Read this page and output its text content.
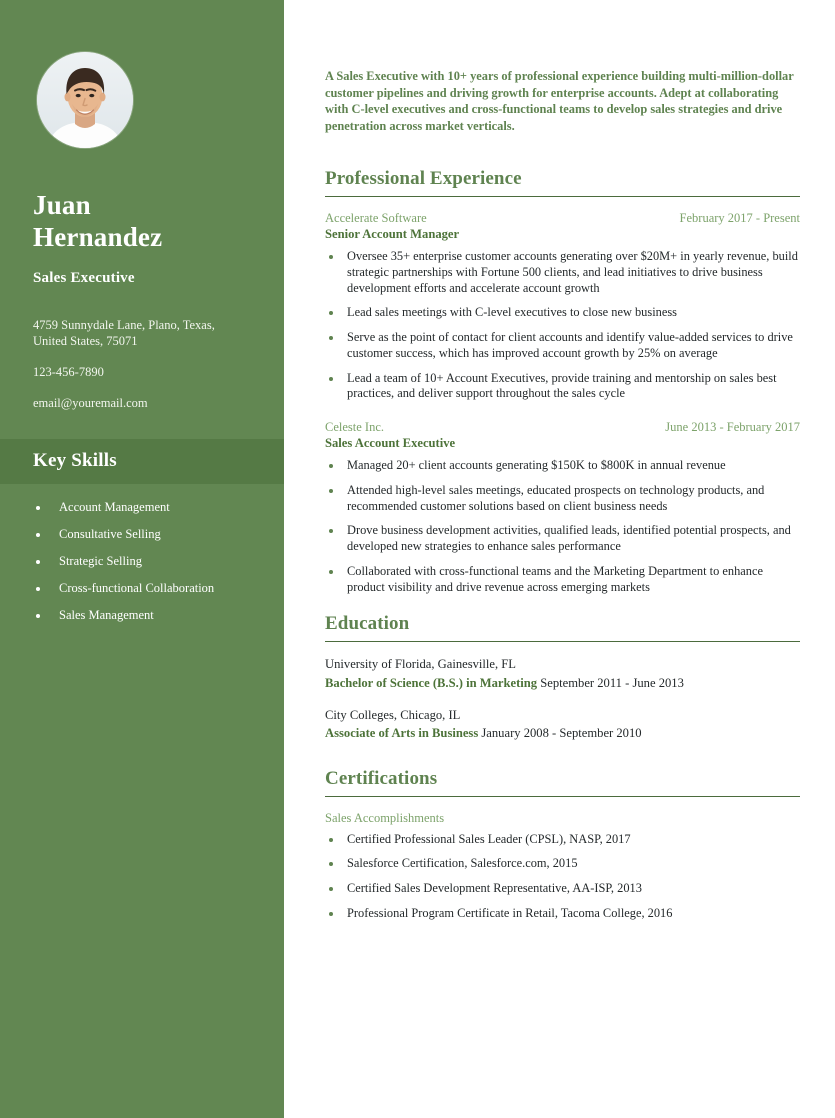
Juan
Hernandez
Sales Executive
4759 Sunnydale Lane, Plano, Texas,
United States, 75071
123-456-7890
email@youremail.com
Key Skills
Account Management
Consultative Selling
Strategic Selling
Cross-functional Collaboration
Sales Management

A Sales Executive with 10+ years of professional experience building multi-million-dollar customer pipelines and driving growth for enterprise accounts. Adept at collaborating with C-level executives and cross-functional teams to develop sales strategies and drive penetration across market verticals.

Professional Experience
Accelerate Software	February 2017 - Present
Senior Account Manager
Oversee 35+ enterprise customer accounts generating over $20M+ in yearly revenue, build strategic partnerships with Fortune 500 clients, and lead initiatives to drive business development efforts and accelerate account growth
Lead sales meetings with C-level executives to close new business
Serve as the point of contact for client accounts and identify value-added services to drive customer success, which has improved account growth by 25% on average
Lead a team of 10+ Account Executives, provide training and mentorship on sales best practices, and deliver support throughout the sales cycle
Celeste Inc.	June 2013 - February 2017
Sales Account Executive
Managed 20+ client accounts generating $150K to $800K in annual revenue
Attended high-level sales meetings, educated prospects on technology products, and recommended customer solutions based on client business needs
Drove business development activities, qualified leads, identified potential prospects, and developed new strategies to enhance sales performance
Collaborated with cross-functional teams and the Marketing Department to enhance product visibility and drive revenue across emerging markets
Education
University of Florida, Gainesville, FL
Bachelor of Science (B.S.) in Marketing September 2011 - June 2013
City Colleges, Chicago, IL
Associate of Arts in Business January 2008 - September 2010
Certifications
Sales Accomplishments
Certified Professional Sales Leader (CPSL), NASP, 2017
Salesforce Certification, Salesforce.com, 2015
Certified Sales Development Representative, AA-ISP, 2013
Professional Program Certificate in Retail, Tacoma College, 2016
